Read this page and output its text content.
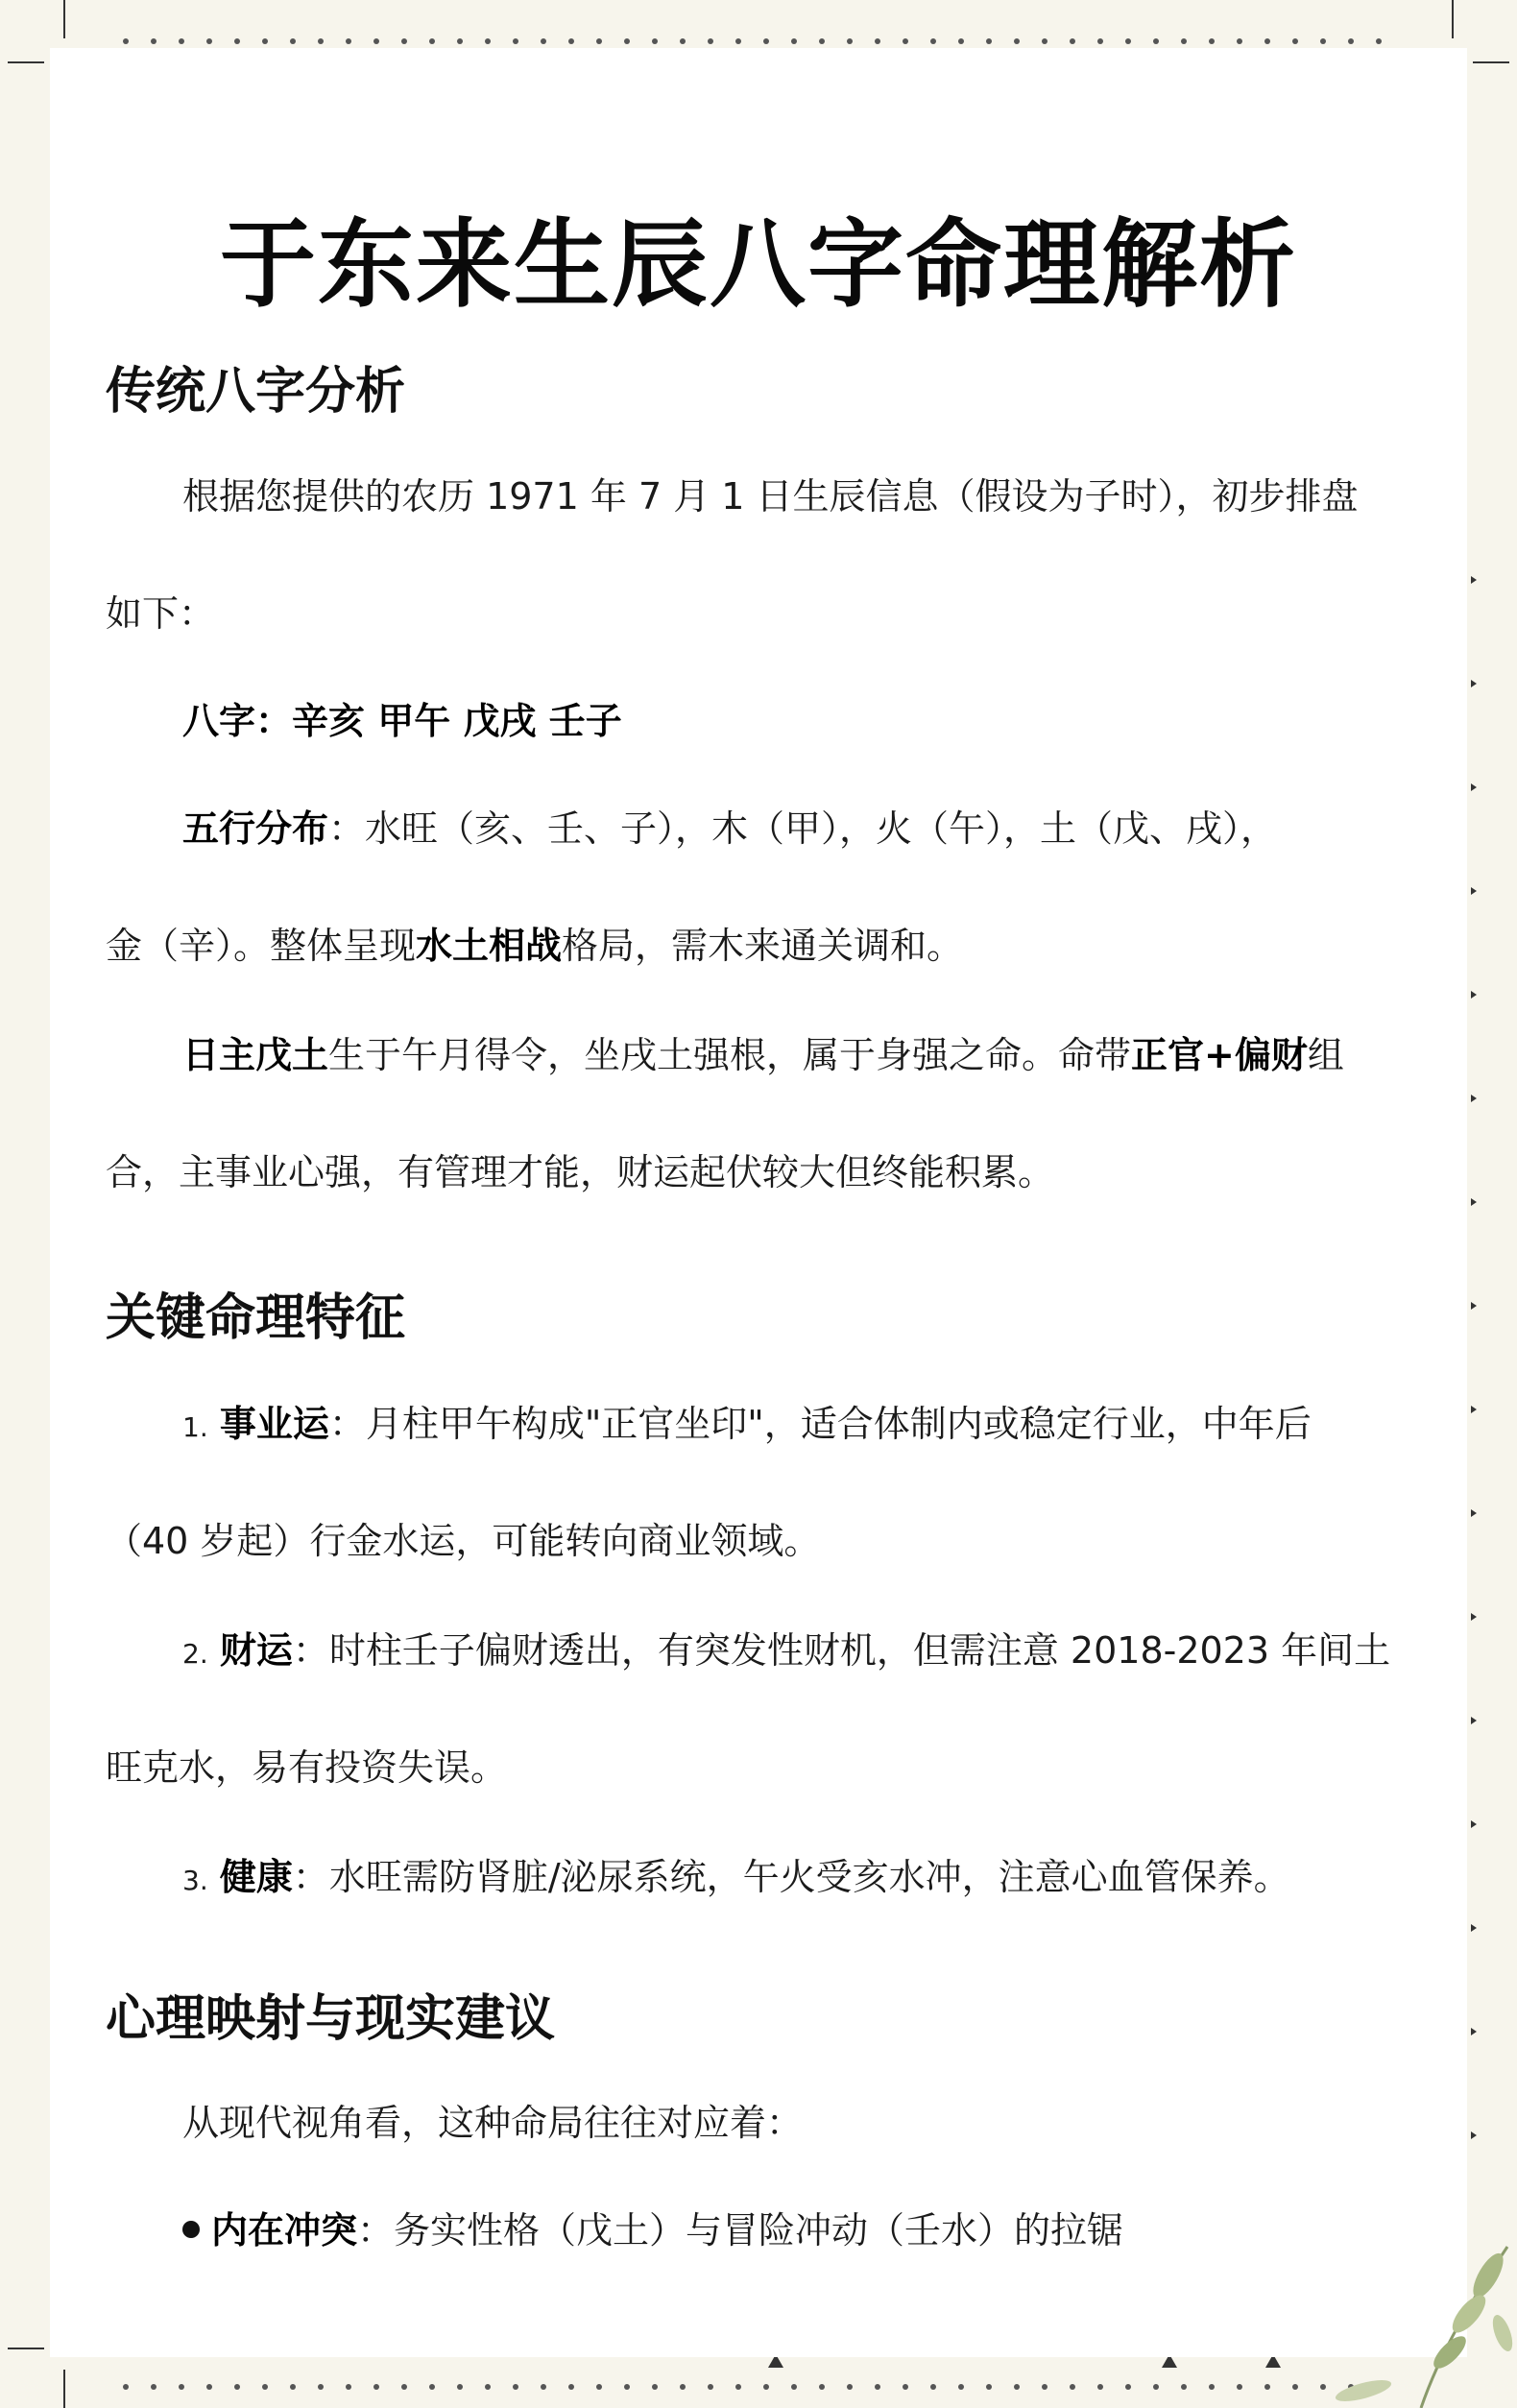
于东来生辰八字命理解析
传统八字分析

根据您提供的农历 1971 年 7 月 1 日生辰信息（假设为子时），初步排盘

如下：

八字：辛亥 甲午 戊戌 壬子

五行分布：水旺（亥、壬、子），木（甲），火（午），土（戊、戌），

金（辛）。整体呈现水土相战格局，需木来通关调和。

日主戊土生于午月得令，坐戌土强根，属于身强之命。命带正官+偏财组

合，主事业心强，有管理才能，财运起伏较大但终能积累。

关键命理特征

1. 事业运：月柱甲午构成"正官坐印"，适合体制内或稳定行业，中年后

（40 岁起）行金水运，可能转向商业领域。

2. 财运：时柱壬子偏财透出，有突发性财机，但需注意 2018-2023 年间土

旺克水，易有投资失误。

3. 健康：水旺需防肾脏/泌尿系统，午火受亥水冲，注意心血管保养。

心理映射与现实建议

从现代视角看，这种命局往往对应着：

内在冲突：务实性格（戊土）与冒险冲动（壬水）的拉锯
